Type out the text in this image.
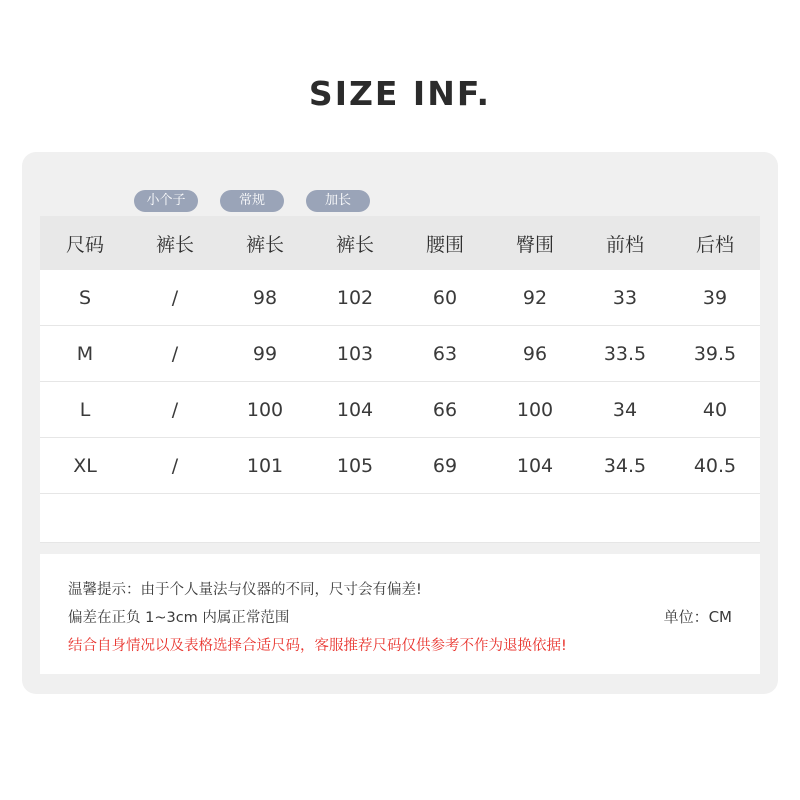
SIZE INF.
小个子	常规	加长
尺码	裤长	裤长	裤长	腰围	臀围	前档	后档
S	/	98	102	60	92	33	39
M	/	99	103	63	96	33.5	39.5
L	/	100	104	66	100	34	40
XL	/	101	105	69	104	34.5	40.5

温馨提示：由于个人量法与仪器的不同，尺寸会有偏差!
偏差在正负 1~3cm 内属正常范围
结合自身情况以及表格选择合适尺码，客服推荐尺码仅供参考不作为退换依据!
单位：CM
